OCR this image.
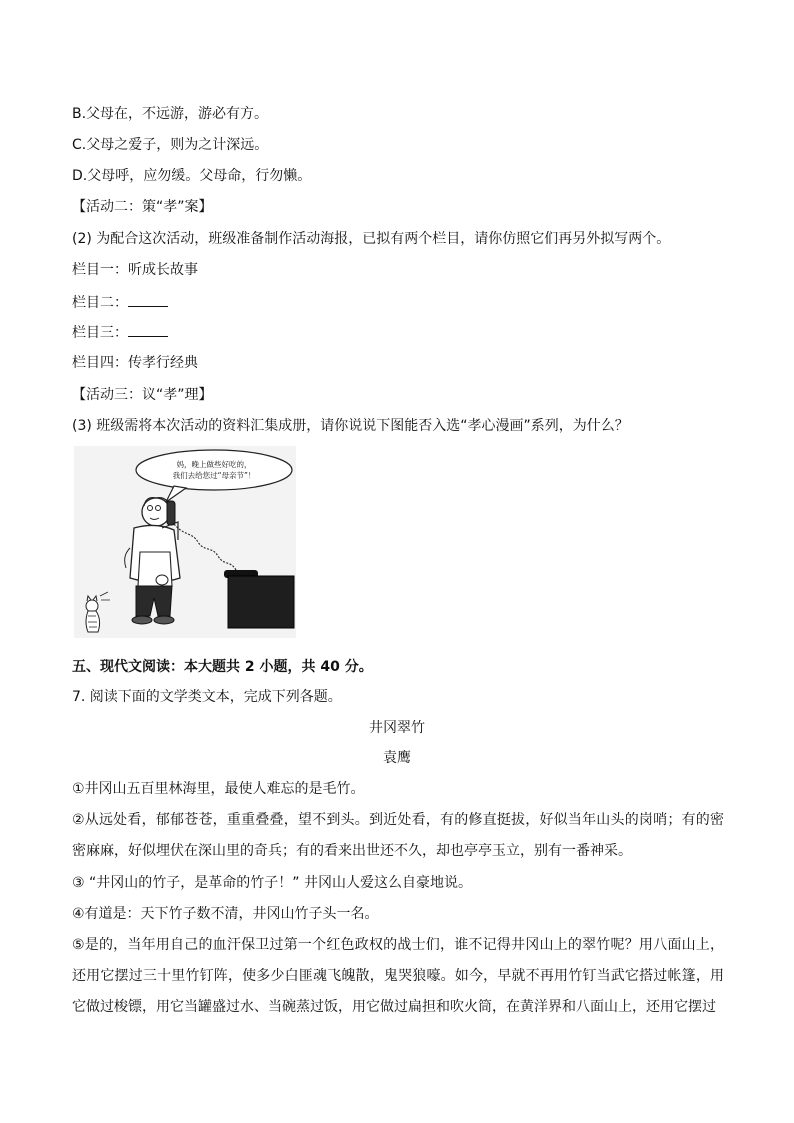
B.父母在，不远游，游必有方。
C.父母之爱子，则为之计深远。
D.父母呼，应勿缓。父母命，行勿懒。
【活动二：策“孝”案】
(2) 为配合这次活动，班级准备制作活动海报，已拟有两个栏目，请你仿照它们再另外拟写两个。
栏目一：听成长故事
栏目二：
栏目三：
栏目四：传孝行经典
【活动三：议“孝”理】
(3) 班级需将本次活动的资料汇集成册，请你说说下图能否入选“孝心漫画”系列，为什么？
妈，晚上做些好吃的，
我们去给您过“母亲节”！
五、现代文阅读：本大题共 2 小题，共 40 分。
7. 阅读下面的文学类文本，完成下列各题。
井冈翠竹
袁鹰
①井冈山五百里林海里，最使人难忘的是毛竹。
②从远处看，郁郁苍苍，重重叠叠，望不到头。到近处看，有的修直挺拔，好似当年山头的岗哨；有的密密麻麻，好似埋伏在深山里的奇兵；有的看来出世还不久，却也亭亭玉立，别有一番神采。
③ “井冈山的竹子，是革命的竹子！” 井冈山人爱这么自豪地说。
④有道是：天下竹子数不清，井冈山竹子头一名。
⑤是的，当年用自己的血汗保卫过第一个红色政权的战士们，谁不记得井冈山上的翠竹呢？用八面山上，还用它摆过三十里竹钉阵，使多少白匪魂飞魄散，鬼哭狼嚎。如今，早就不再用竹钉当武它搭过帐篷，用它做过梭镖，用它当罐盛过水、当碗蒸过饭，用它做过扁担和吹火筒，在黄洋界和八面山上，还用它摆过
